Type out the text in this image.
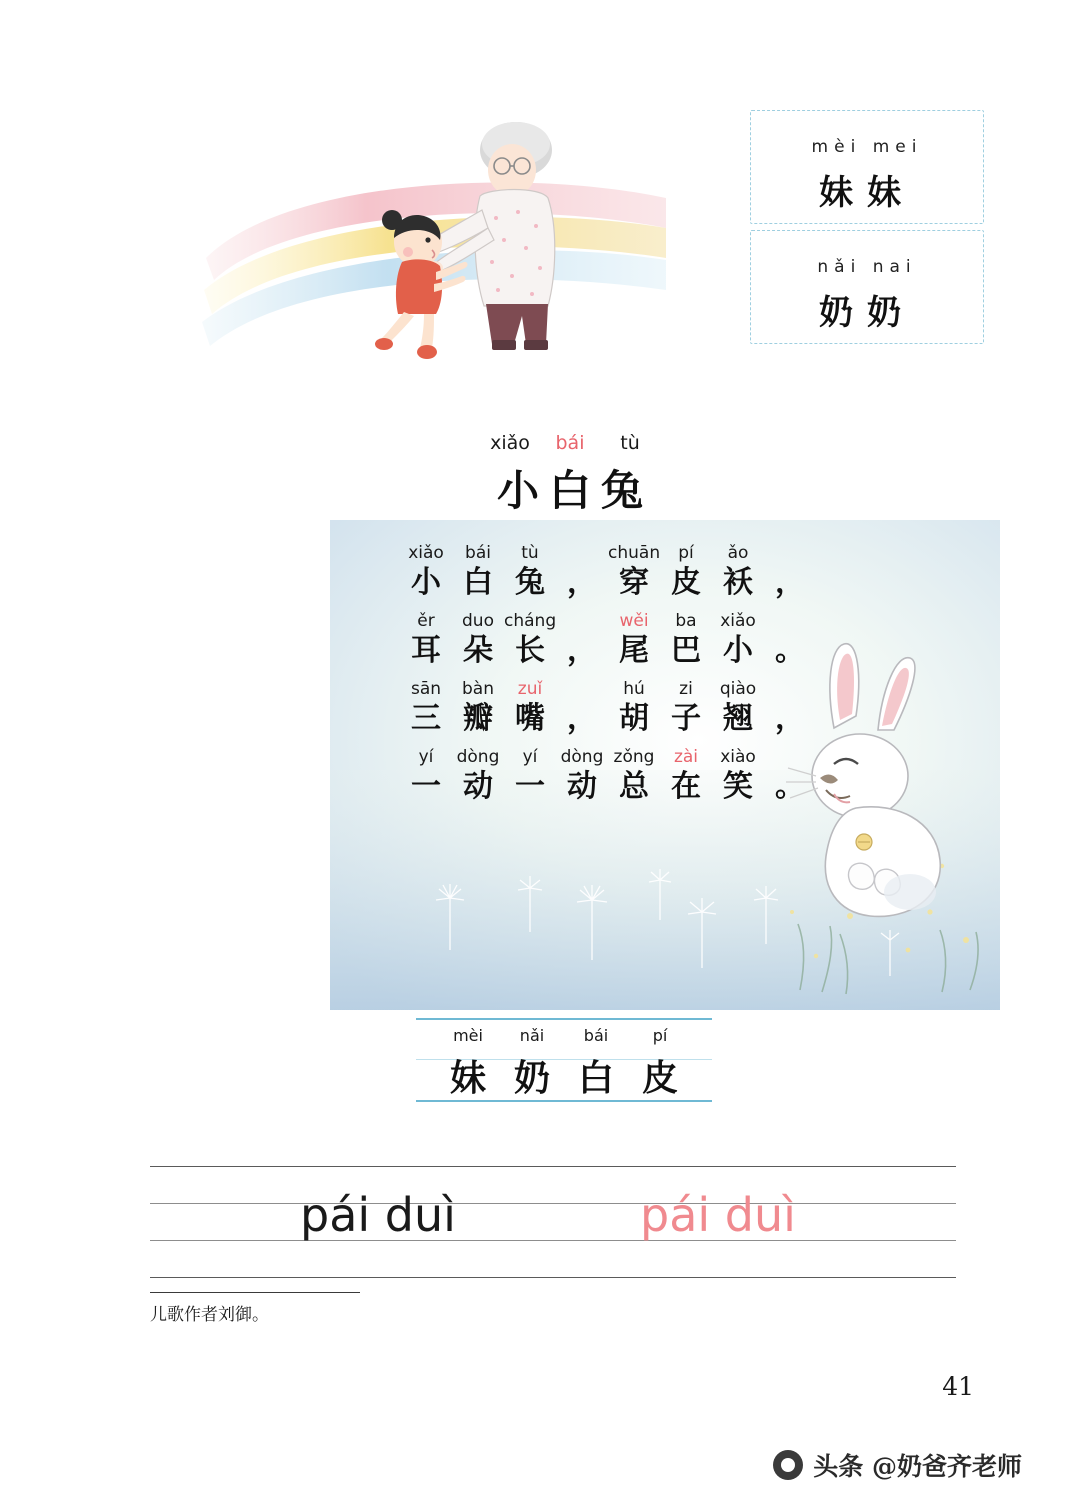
mèi mei
妹妹
nǎi nai
奶奶
xiǎo bái tù
小白兔
xiǎo bái tù	chuān pí ǎo
小 白 兔 ， 穿 皮 袄 ，
ěr duo cháng	wěi ba xiǎo
耳 朵 长 ， 尾 巴 小 。
sān bàn zuǐ	hú zi qiào
三 瓣 嘴 ， 胡 子 翘 ，
yí dòng yí dòng zǒng zài xiào
一 动 一 动 总 在 笑 。
mèi nǎi bái	pí
妹 奶 白 皮
pái duì	pái duì
儿歌作者刘御。
41
头条 @奶爸齐老师
